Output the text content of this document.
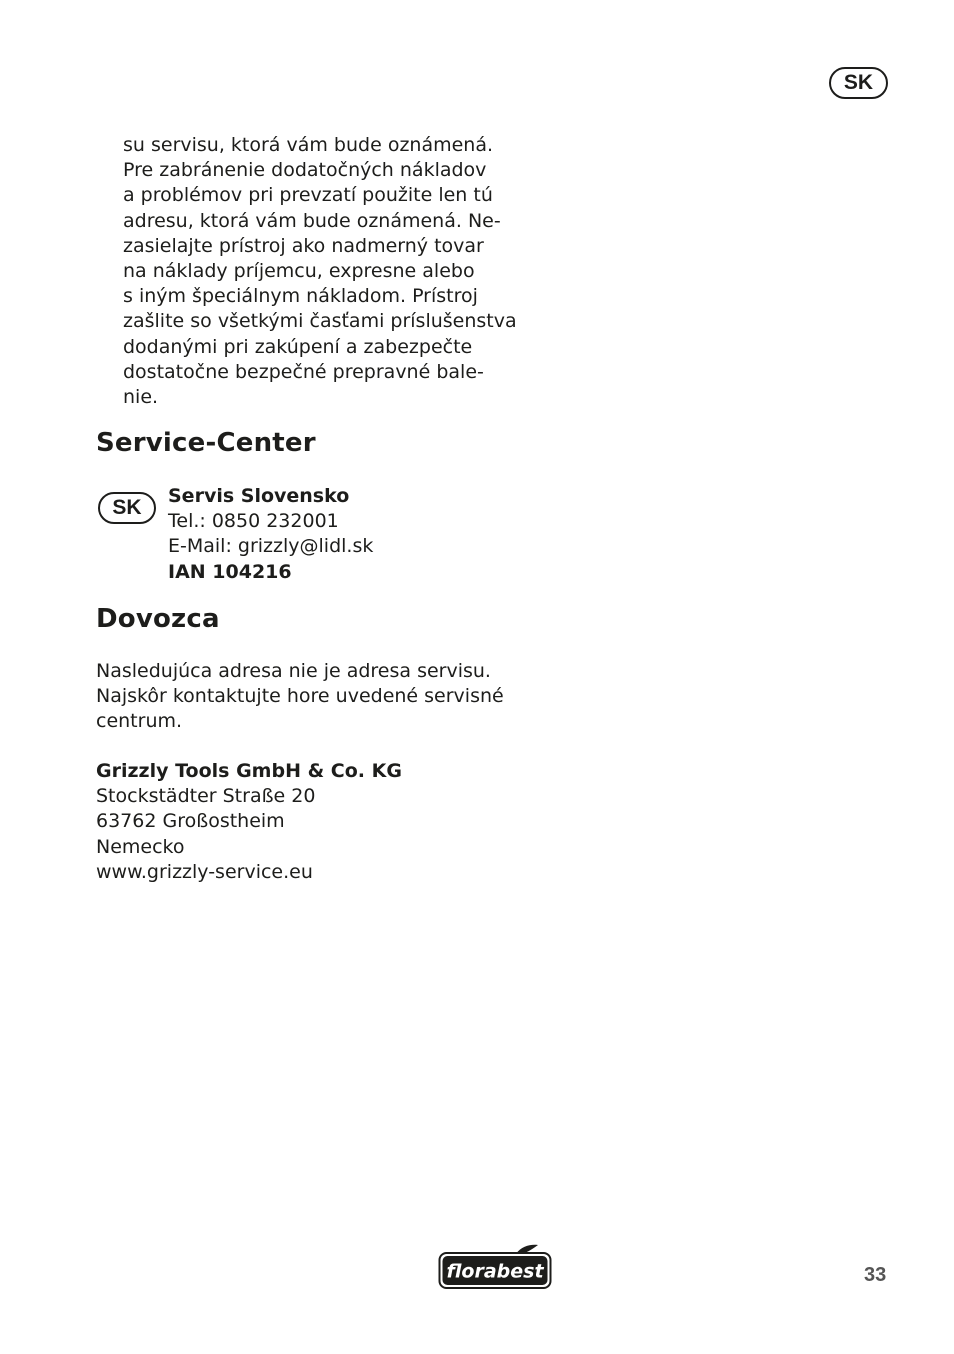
SK
su servisu, ktorá vám bude oznámená.
Pre zabránenie dodatočných nákladov
a problémov pri prevzatí použite len tú
adresu, ktorá vám bude oznámená. Ne-
zasielajte prístroj ako nadmerný tovar
na náklady príjemcu, expresne alebo
s iným špeciálnym nákladom. Prístroj
zašlite so všetkými časťami príslušenstva
dodanými pri zakúpení a zabezpečte
dostatočne bezpečné prepravné bale-
nie.
Service-Center
SK	Servis Slovensko
Tel.: 0850 232001
E-Mail: grizzly@lidl.sk
IAN 104216
Dovozca
Nasledujúca adresa nie je adresa servisu.
Najskôr kontaktujte hore uvedené servisné
centrum.
Grizzly Tools GmbH & Co. KG
Stockstädter Straße 20
63762 Großostheim
Nemecko
www.grizzly-service.eu
florabest	33
